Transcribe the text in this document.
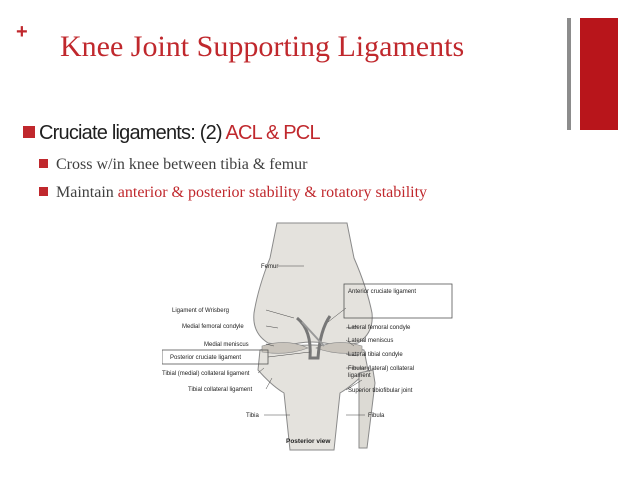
+ Knee Joint Supporting Ligaments
Cruciate ligaments: (2) ACL & PCL
Cross w/in knee between tibia & femur
Maintain anterior & posterior stability & rotatory stability
Femur
Ligament of Wrisberg
Medial femoral condyle
Medial meniscus
Posterior cruciate ligament
Tibial (medial) collateral ligament
Tibial collateral ligament
Tibia
Anterior cruciate ligament
Lateral femoral condyle
Lateral meniscus
Lateral tibial condyle
Fibular (lateral) collateral
ligament
Superior tibiofibular joint
Fibula
Posterior view
